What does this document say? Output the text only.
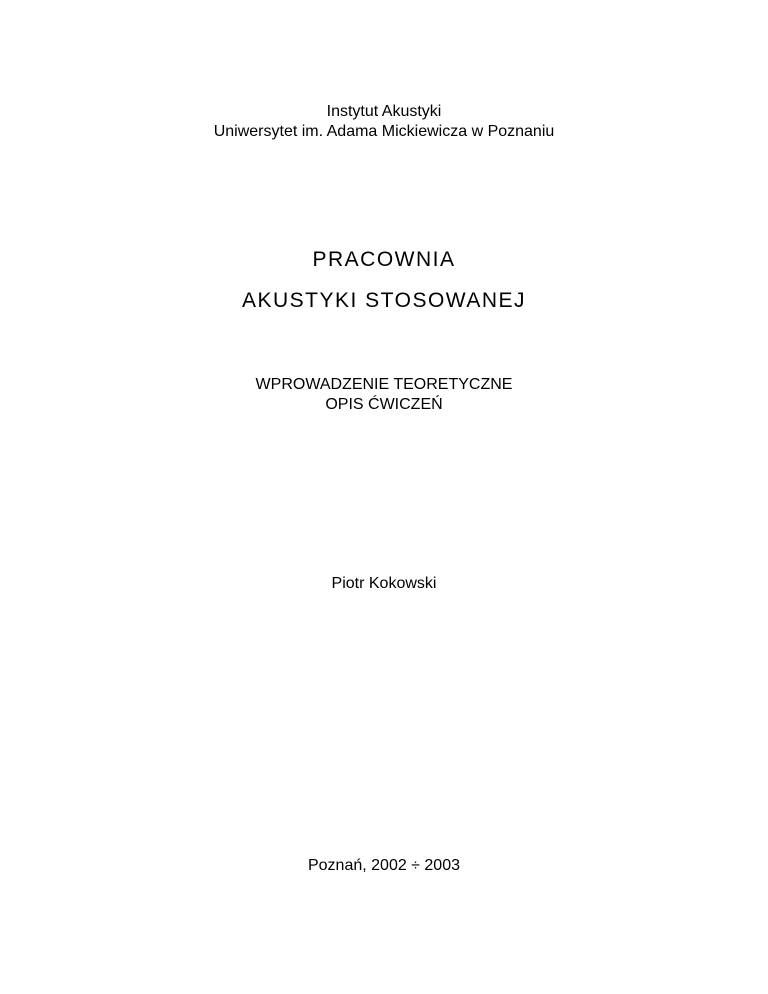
Instytut Akustyki
Uniwersytet im. Adama Mickiewicza w Poznaniu
PRACOWNIA
AKUSTYKI STOSOWANEJ
WPROWADZENIE TEORETYCZNE
OPIS ĆWICZEŃ
Piotr Kokowski
Poznań, 2002 ÷ 2003
